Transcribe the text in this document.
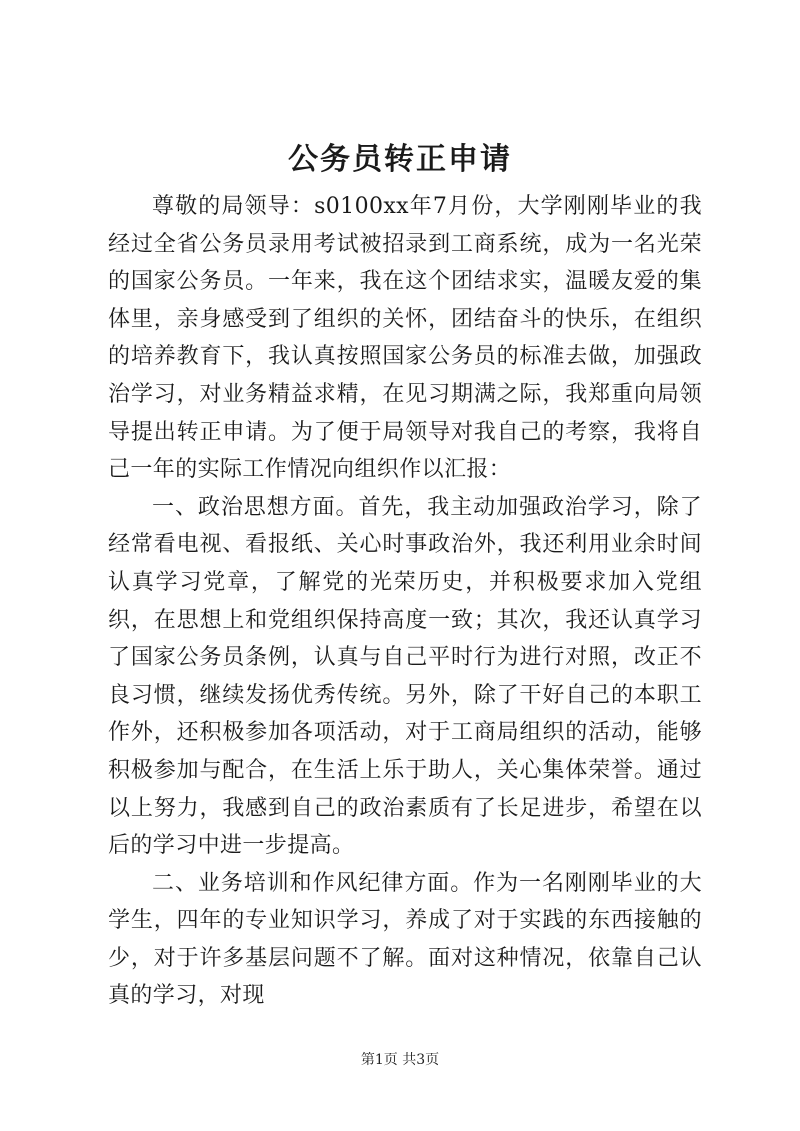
公务员转正申请

尊敬的局领导：s0100xx年7月份，大学刚刚毕业的我经过全省公务员录用考试被招录到工商系统，成为一名光荣的国家公务员。一年来，我在这个团结求实，温暖友爱的集体里，亲身感受到了组织的关怀，团结奋斗的快乐，在组织的培养教育下，我认真按照国家公务员的标准去做，加强政治学习，对业务精益求精，在见习期满之际，我郑重向局领导提出转正申请。为了便于局领导对我自己的考察，我将自己一年的实际工作情况向组织作以汇报：

一、政治思想方面。首先，我主动加强政治学习，除了经常看电视、看报纸、关心时事政治外，我还利用业余时间认真学习党章，了解党的光荣历史，并积极要求加入党组织，在思想上和党组织保持高度一致；其次，我还认真学习了国家公务员条例，认真与自己平时行为进行对照，改正不良习惯，继续发扬优秀传统。另外，除了干好自己的本职工作外，还积极参加各项活动，对于工商局组织的活动，能够积极参加与配合，在生活上乐于助人，关心集体荣誉。通过以上努力，我感到自己的政治素质有了长足进步，希望在以后的学习中进一步提高。

二、业务培训和作风纪律方面。作为一名刚刚毕业的大学生，四年的专业知识学习，养成了对于实践的东西接触的少，对于许多基层问题不了解。面对这种情况，依靠自己认真的学习，对现

第1页 共3页
